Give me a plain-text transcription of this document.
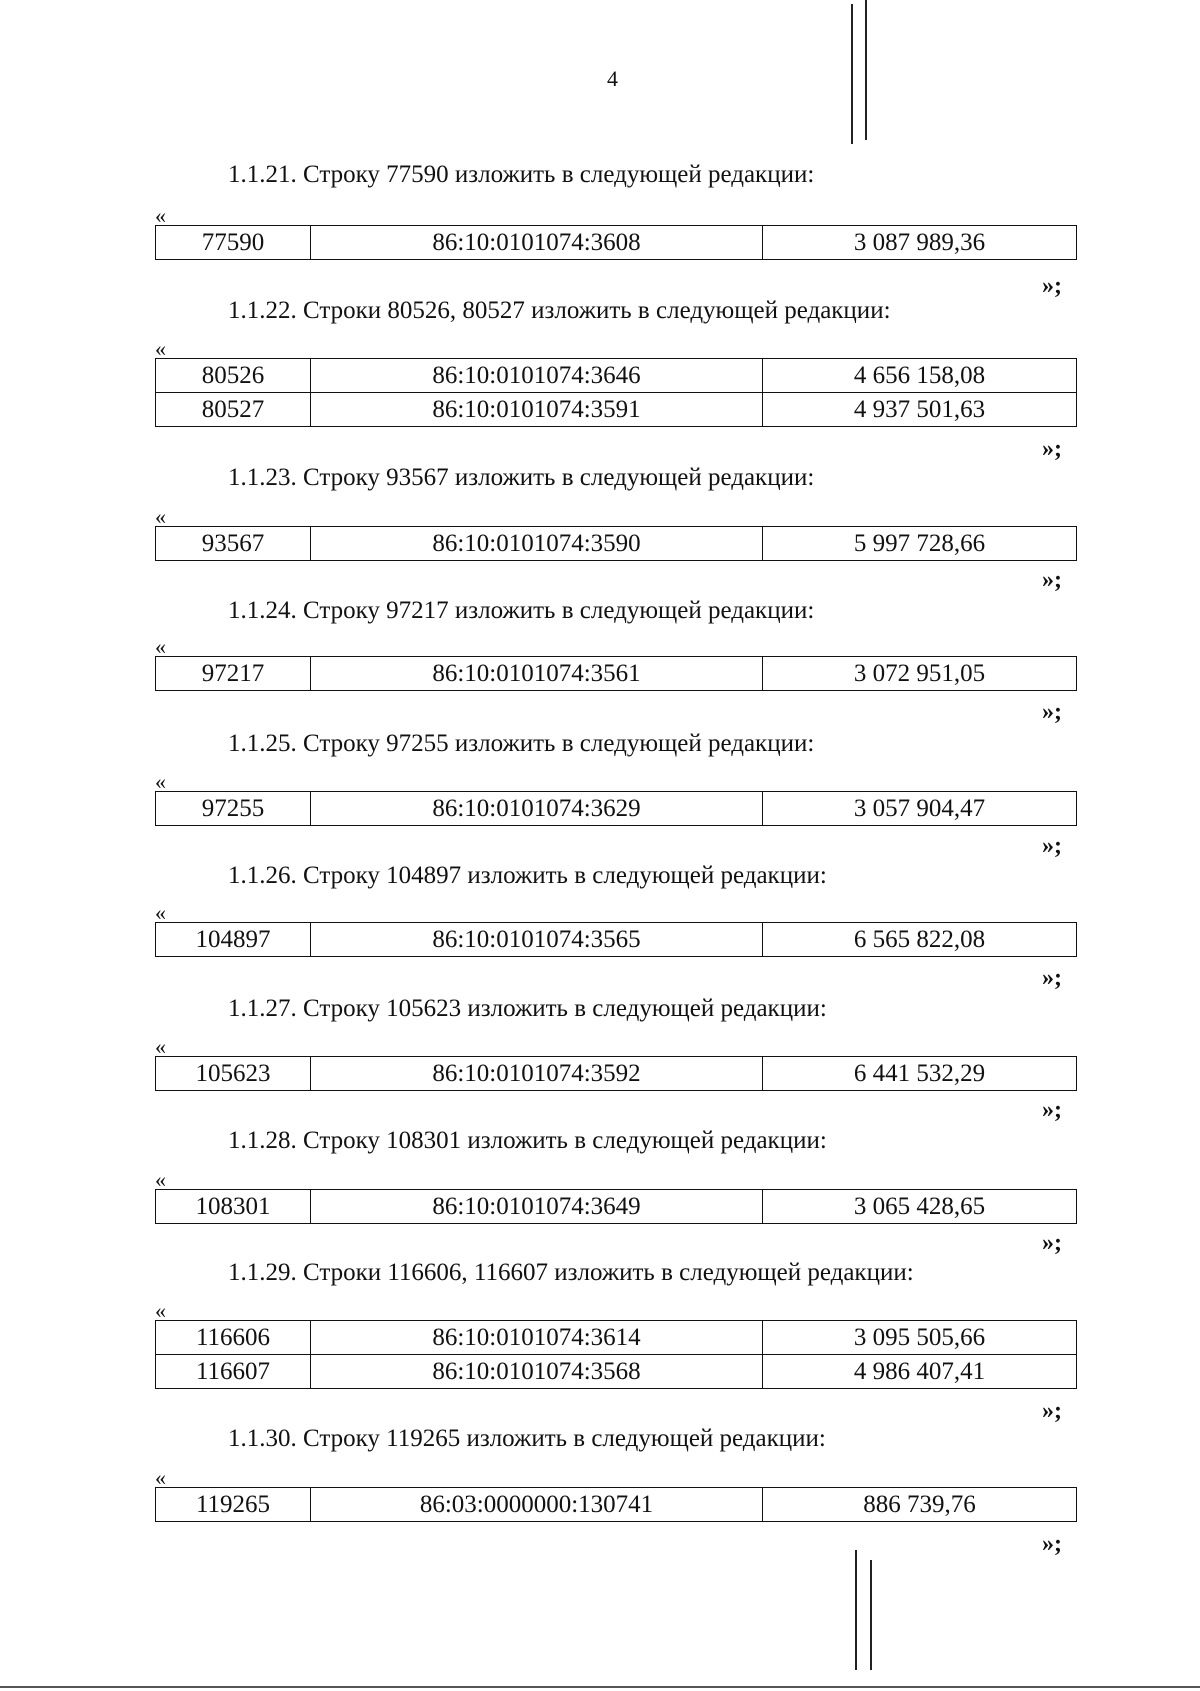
4
1.1.21. Строку 77590 изложить в следующей редакции:
«
77590	86:10:0101074:3608	3 087 989,36
»;
1.1.22. Строки 80526, 80527 изложить в следующей редакции:
«
80526	86:10:0101074:3646	4 656 158,08
80527	86:10:0101074:3591	4 937 501,63
»;
1.1.23. Строку 93567 изложить в следующей редакции:
«
93567	86:10:0101074:3590	5 997 728,66
»;
1.1.24. Строку 97217 изложить в следующей редакции:
«
97217	86:10:0101074:3561	3 072 951,05
»;
1.1.25. Строку 97255 изложить в следующей редакции:
«
97255	86:10:0101074:3629	3 057 904,47
»;
1.1.26. Строку 104897 изложить в следующей редакции:
«
104897	86:10:0101074:3565	6 565 822,08
»;
1.1.27. Строку 105623 изложить в следующей редакции:
«
105623	86:10:0101074:3592	6 441 532,29
»;
1.1.28. Строку 108301 изложить в следующей редакции:
«
108301	86:10:0101074:3649	3 065 428,65
»;
1.1.29. Строки 116606, 116607 изложить в следующей редакции:
«
116606	86:10:0101074:3614	3 095 505,66
116607	86:10:0101074:3568	4 986 407,41
»;
1.1.30. Строку 119265 изложить в следующей редакции:
«
119265	86:03:0000000:130741	886 739,76
»;
